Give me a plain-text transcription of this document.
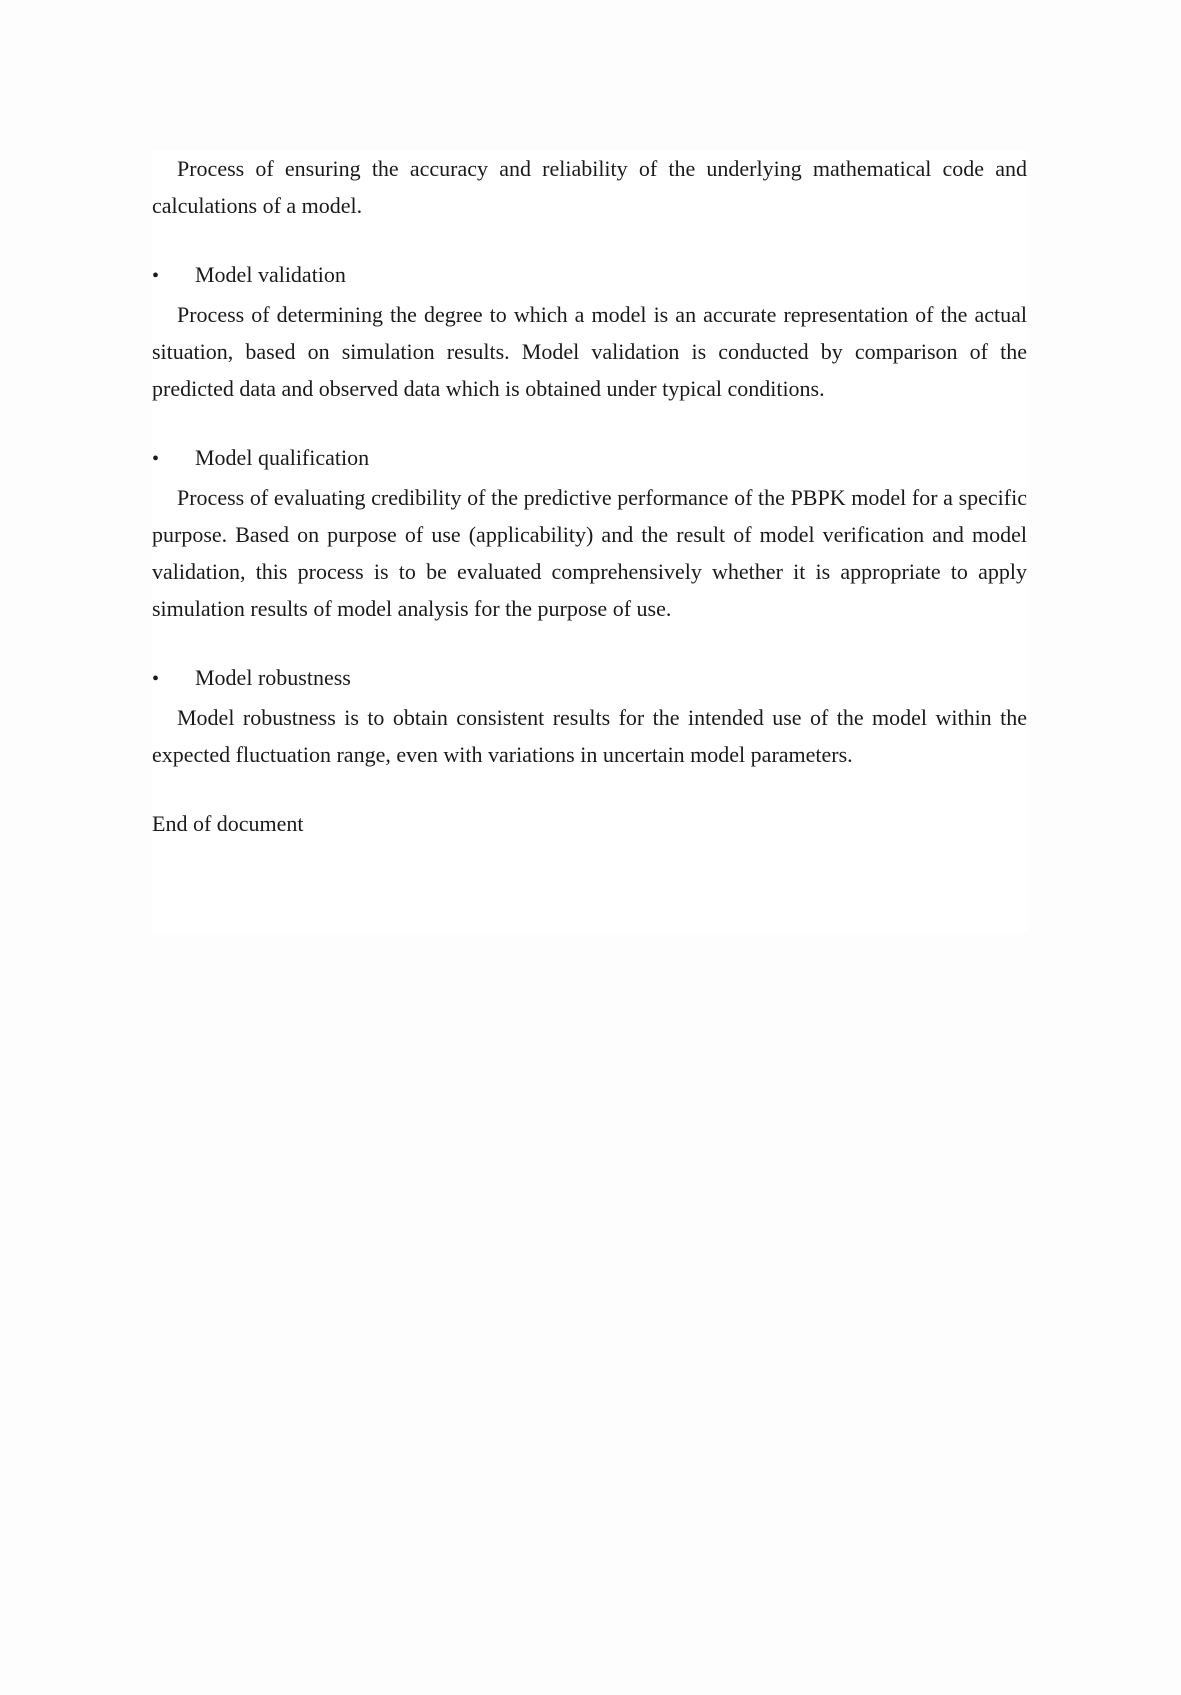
Process of ensuring the accuracy and reliability of the underlying mathematical code and calculations of a model.

•	Model validation

Process of determining the degree to which a model is an accurate representation of the actual situation, based on simulation results. Model validation is conducted by comparison of the predicted data and observed data which is obtained under typical conditions.

•	Model qualification

Process of evaluating credibility of the predictive performance of the PBPK model for a specific purpose. Based on purpose of use (applicability) and the result of model verification and model validation, this process is to be evaluated comprehensively whether it is appropriate to apply simulation results of model analysis for the purpose of use.

•	Model robustness

Model robustness is to obtain consistent results for the intended use of the model within the expected fluctuation range, even with variations in uncertain model parameters.

End of document
